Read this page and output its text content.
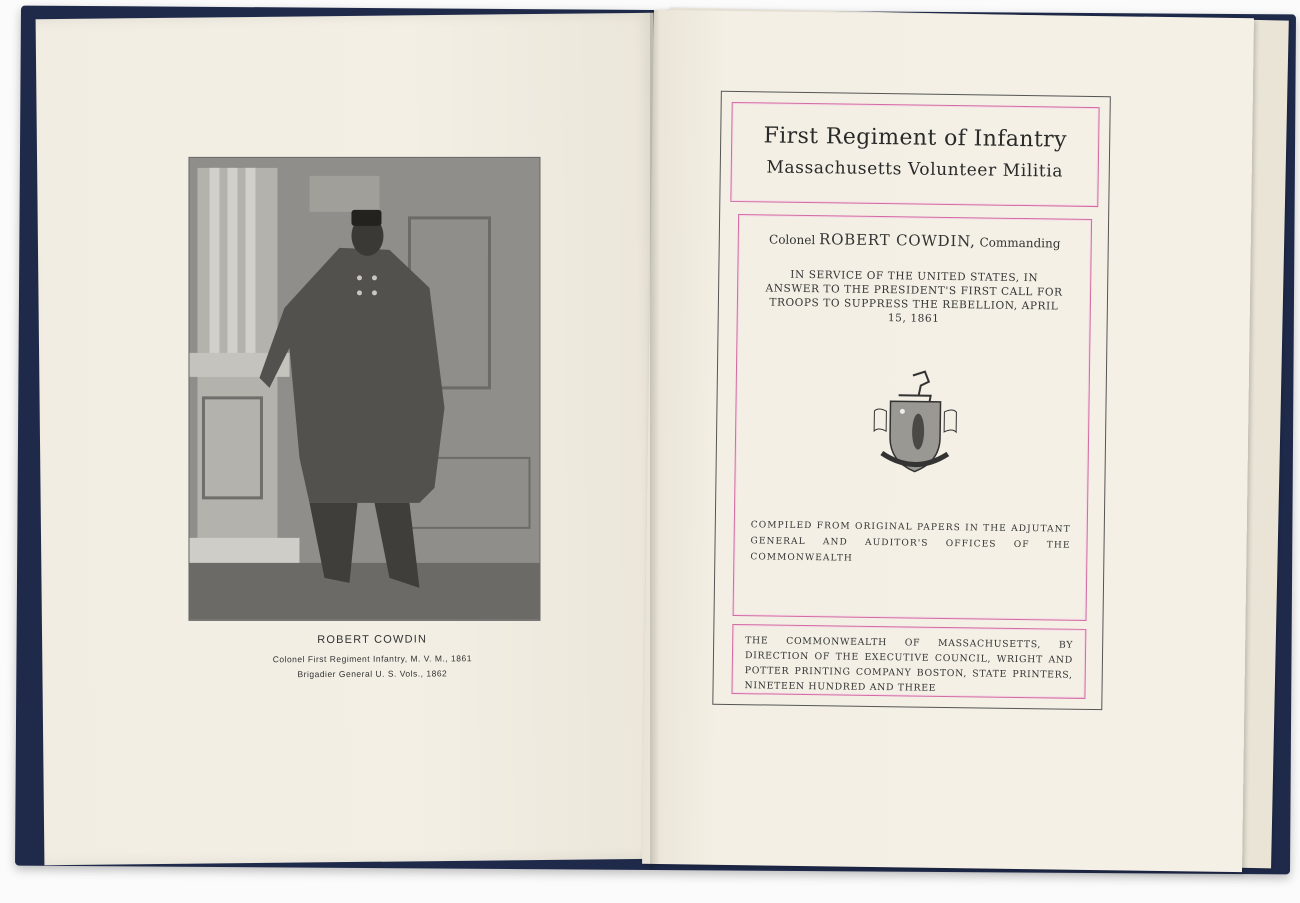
ROBERT COWDIN
Colonel First Regiment Infantry, M. V. M., 1861
Brigadier General U. S. Vols., 1862
First Regiment of Infantry
Massachusetts Volunteer Militia
Colonel ROBERT COWDIN, Commanding
IN SERVICE OF THE UNITED STATES, IN ANSWER TO THE PRESIDENT'S FIRST CALL FOR TROOPS TO SUPPRESS THE REBELLION, APRIL 15, 1861
COMPILED FROM ORIGINAL PAPERS IN THE ADJUTANT GENERAL AND AUDITOR'S OFFICES OF THE COMMONWEALTH
THE COMMONWEALTH OF MASSACHUSETTS, BY DIRECTION OF THE EXECUTIVE COUNCIL, WRIGHT AND POTTER PRINTING COMPANY BOSTON, STATE PRINTERS, NINETEEN HUNDRED AND THREE
